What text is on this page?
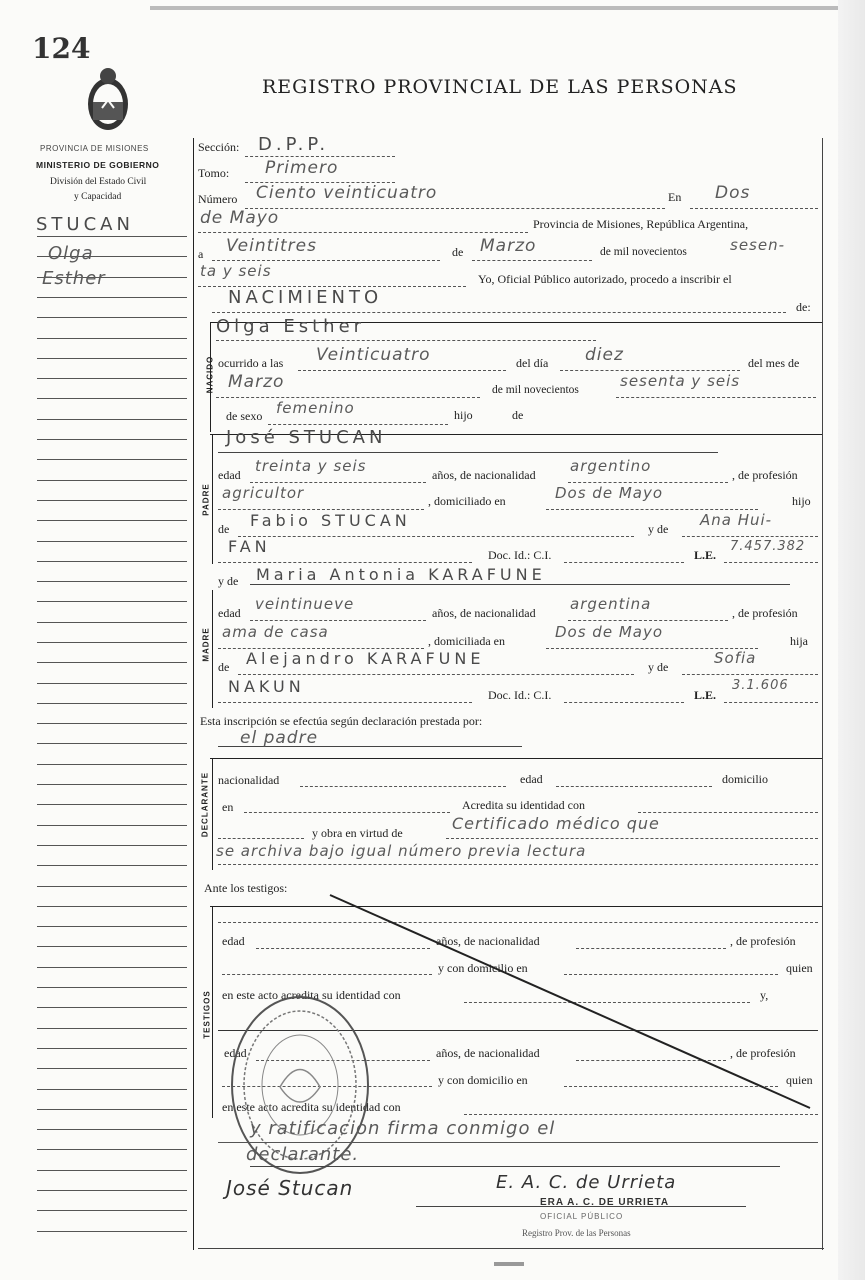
124
REGISTRO PROVINCIAL DE LAS PERSONAS
PROVINCIA DE MISIONES
MINISTERIO DE GOBIERNO
División del Estado Civil
y Capacidad
STUCAN
Olga
Esther
Sección: D.P.P.
Tomo: Primero
Número Ciento veinticuatro	En Dos
de Mayo	Provincia de Misiones, República Argentina,
a Veintitres	de Marzo	de mil novecientos	sesen-
ta y seis	Yo, Oficial Público autorizado, procedo a inscribir el
NACIMIENTO	de:
NACIDO
Olga Esther
ocurrido a las Veinticuatro	del día diez	del mes de
Marzo	de mil novecientos	sesenta y seis
de sexo femenino	hijo	de
PADRE
José STUCAN
edad treinta y seis	años, de nacionalidad argentino	, de profesión
agricultor	, domiciliado en	Dos de Mayo	hijo
de Fabio STUCAN	y de Ana Hui-
FAN	Doc. Id.: C.I.	L.E.
7.457.382
y de Maria Antonia KARAFUNE
MADRE
edad veintinueve	años, de nacionalidad argentina	, de profesión
ama de casa	, domiciliada en	Dos de Mayo	hija
de Alejandro KARAFUNE	y de	Sofia
NAKUN	Doc. Id.: C.I.	L.E.
3.1.606
Esta inscripción se efectúa según declaración prestada por:
el padre
DECLARANTE nacionalidad	edad	domicilio
en	Acredita su identidad con
y obra en virtud de	Certificado médico que
se archiva bajo igual número previa lectura
Ante los testigos:
TESTIGOS
edad	años, de nacionalidad	, de profesión
y con domicilio en	quien
en este acto acredita su identidad con	y,
edad	años, de nacionalidad	, de profesión
y con domicilio en	quien
en este acto acredita su identidad con
y ratificacion firma conmigo el
declarante.
José Stucan	E. A. C. de Urrieta
ERA A. C. DE URRIETA
OFICIAL PÚBLICO
Registro Prov. de las Personas
